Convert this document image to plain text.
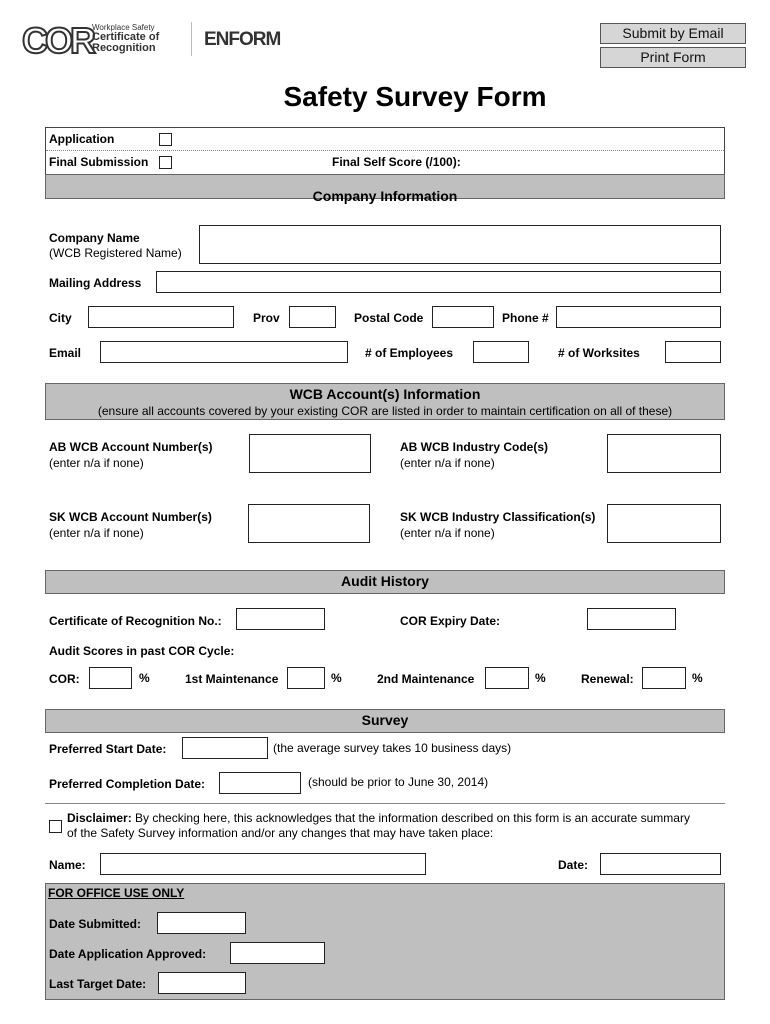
COR Workplace Safety
Certificate of
Recognition	ENFORM	Submit by Email
Print Form
Safety Survey Form
Application
Final Submission	Final Self Score (/100):
Company Information
Company Name
(WCB Registered Name)
Mailing Address
City	Prov	Postal Code	Phone #
Email	# of Employees	# of Worksites
WCB Account(s) Information
(ensure all accounts covered by your existing COR are listed in order to maintain certification on all of these)
AB WCB Account Number(s)
(enter n/a if none)
AB WCB Industry Code(s)
(enter n/a if none)
SK WCB Account Number(s)
(enter n/a if none)
SK WCB Industry Classification(s)
(enter n/a if none)
Audit History
Certificate of Recognition No.:	COR Expiry Date:
Audit Scores in past COR Cycle:
COR:	%	1st Maintenance	%	2nd Maintenance	%	Renewal:	%
Survey
Preferred Start Date:	(the average survey takes 10 business days)
Preferred Completion Date:	(should be prior to June 30, 2014)
Disclaimer: By checking here, this acknowledges that the information described on this form is an accurate summary
of the Safety Survey information and/or any changes that may have taken place:
Name:	Date:
FOR OFFICE USE ONLY
Date Submitted:
Date Application Approved:
Last Target Date:
